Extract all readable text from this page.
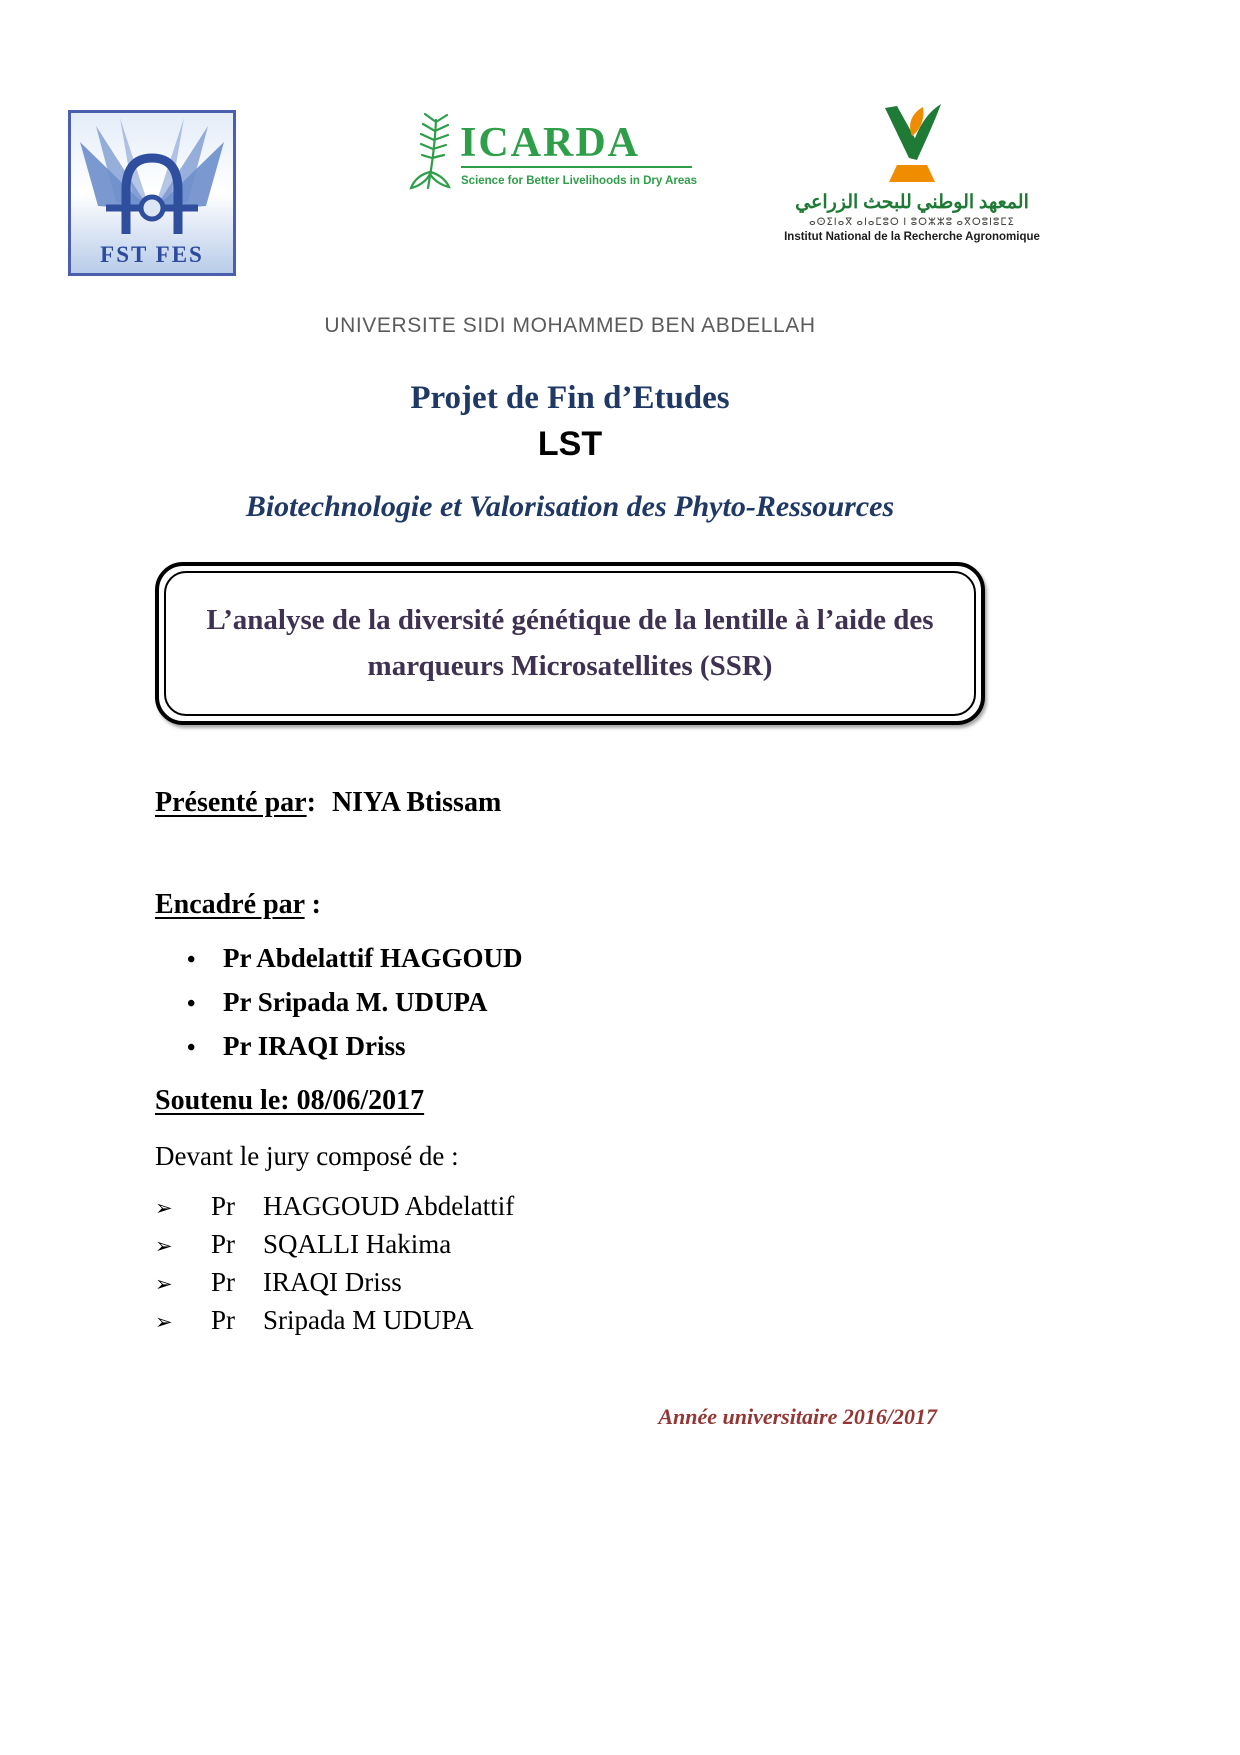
FST FES
ICARDA
Science for Better Livelihoods in Dry Areas
المعهد الوطني للبحث الزراعي
ⴰⵙⵉⵏⴰⴳ ⴰⵏⴰⵎⵓⵔ ⵏ ⵓⵔⵣⵣⵓ ⴰⴳⵔⵓⵏⵓⵎⵉ
Institut National de la Recherche Agronomique

UNIVERSITE SIDI MOHAMMED BEN ABDELLAH

Projet de Fin d’Etudes
LST
Biotechnologie et Valorisation des Phyto-Ressources

L’analyse de la diversité génétique de la lentille à l’aide des marqueurs Microsatellites (SSR)

Présenté par: NIYA Btissam

Encadré par :

•	Pr Abdelattif HAGGOUD
•	Pr Sripada M. UDUPA
•	Pr IRAQI Driss

Soutenu le: 08/06/2017

Devant le jury composé de :

➢	Pr	HAGGOUD Abdelattif
➢	Pr	SQALLI Hakima
➢	Pr	IRAQI Driss
➢	Pr	Sripada M UDUPA

Année universitaire 2016/2017
